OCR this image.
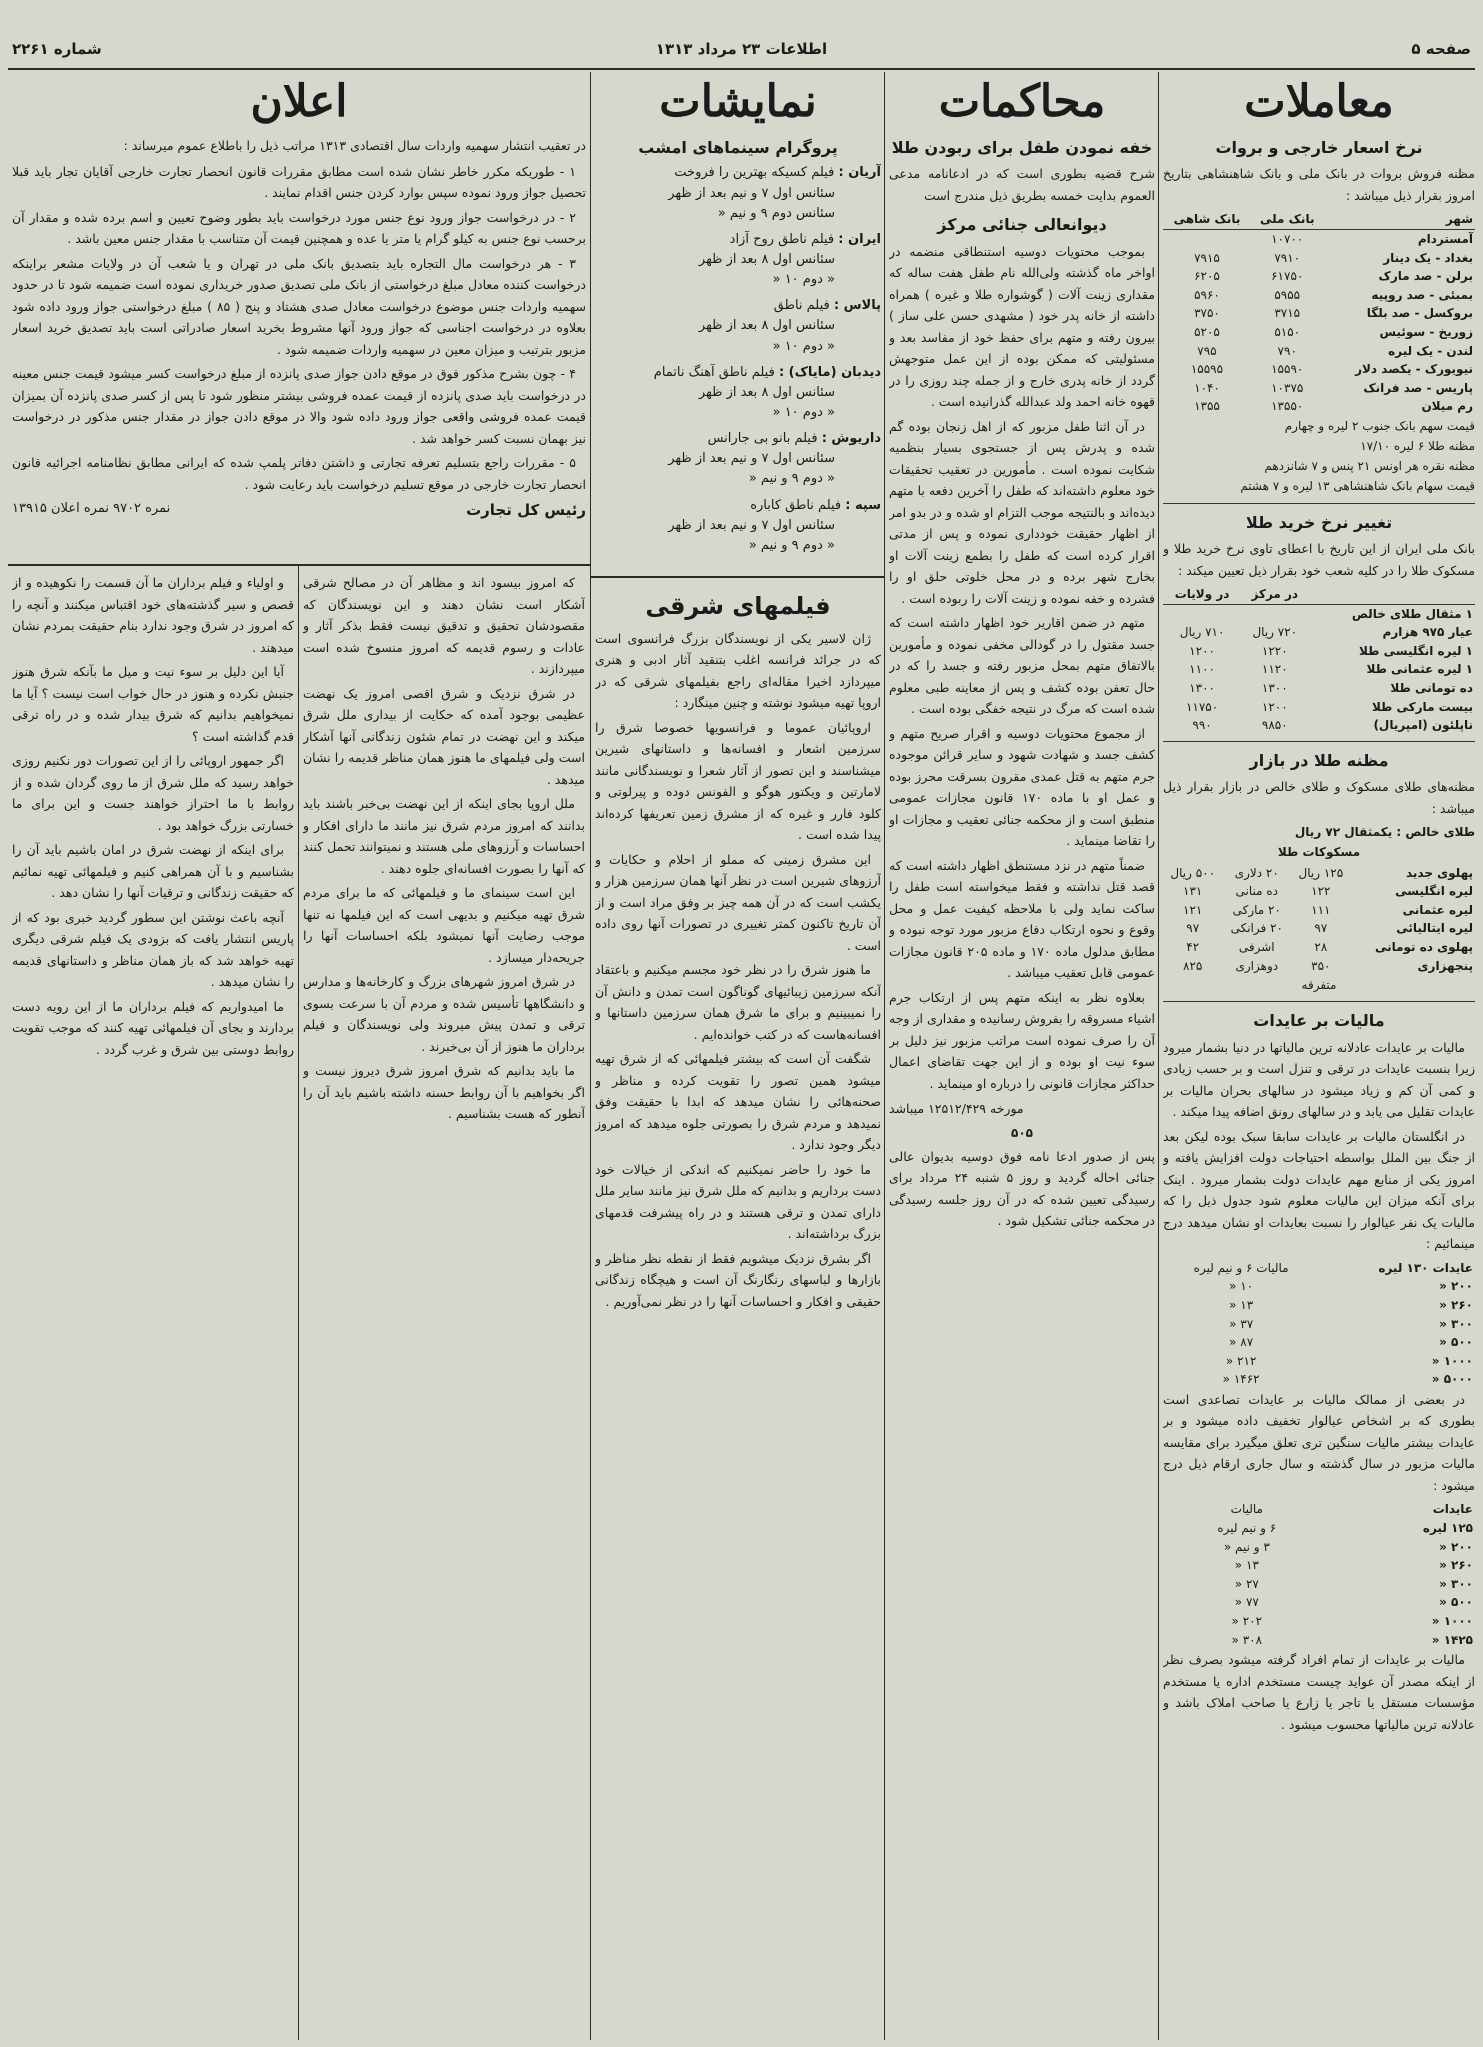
صفحه ۵
اطلاعات ۲۳ مرداد ۱۳۱۳
شماره ۲۲۶۱
معاملات
نرخ اسعار خارجی و بروات
مظنه فروش بروات در بانک ملی و بانک شاهنشاهی بتاریخ امروز بقرار ذیل میباشد :
شهر	بانک ملی	بانک شاهی
آمستردام	۱۰۷۰۰	
بغداد - یک دینار	۷۹۱۰	۷۹۱۵
برلن - صد مارک	۶۱۷۵۰	۶۲۰۵
بمبئی - صد روپیه	۵۹۵۵	۵۹۶۰
بروکسل - صد بلگا	۳۷۱۵	۳۷۵۰
زوریخ - سوئیس	۵۱۵۰	۵۲۰۵
لندن - یک لیره	۷۹۰	۷۹۵
نیویورک - یکصد دلار	۱۵۵۹۰	۱۵۵۹۵
پاریس - صد فرانک	۱۰۳۷۵	۱۰۴۰
رم میلان	۱۳۵۵۰	۱۳۵۵
قیمت سهم بانک جنوب ۲ لیره و چهارم
مظنه طلا ۶ لیره ۱۷/۱۰
مظنه نقره هر اونس ۲۱ پنس و ۷ شانزدهم
قیمت سهام بانک شاهنشاهی ۱۳ لیره و ۷ هشتم
تغییر نرخ خرید طلا
بانک ملی ایران از این تاریخ با اعطای تاوی نرخ خرید طلا و مسکوک طلا را در کلیه شعب خود بقرار ذیل تعیین میکند :
	در مرکز	در ولایات
۱ مثقال طلای خالص		
عیار ۹۷۵ هزارم	۷۲۰ ریال	۷۱۰ ریال
۱ لیره انگلیسی طلا	۱۲۲۰	۱۲۰۰
۱ لیره عثمانی طلا	۱۱۲۰	۱۱۰۰
ده تومانی طلا	۱۳۰۰	۱۳۰۰
بیست مارکی طلا	۱۲۰۰	۱۱۷۵۰
ناپلئون (امپریال)	۹۸۵۰	۹۹۰
مظنه طلا در بازار
مظنه‌های طلای مسکوک و طلای خالص در بازار بقرار ذیل میباشد :
طلای خالص : یکمثقال ۷۲ ریال
مسکوکات طلا
پهلوی جدید	۱۲۵ ریال	۲۰ دلاری	۵۰۰ ریال
لیره انگلیسی	۱۲۲	ده منانی	۱۳۱
لیره عثمانی	۱۱۱	۲۰ مارکی	۱۲۱
لیره ایتالیائی	۹۷	۲۰ فرانکی	۹۷
پهلوی ده تومانی	۲۸	اشرفی	۴۲
پنجهزاری	۳۵۰	دوهزاری	۸۲۵
متفرقه
مالیات بر عایدات

مالیات بر عایدات عادلانه ترین مالیاتها در دنیا بشمار میرود زیرا بنسبت عایدات در ترقی و تنزل است و بر حسب زیادی و کمی آن کم و زیاد میشود در سالهای بحران مالیات بر عایدات تقلیل می یابد و در سالهای رونق اضافه پیدا میکند .

در انگلستان مالیات بر عایدات سابقا سبک بوده لیکن بعد از جنگ بین الملل بواسطه احتیاجات دولت افزایش یافته و امروز یکی از منابع مهم عایدات دولت بشمار میرود . اینک برای آنکه میزان این مالیات معلوم شود جدول ذیل را که مالیات یک نفر عیالوار را نسبت بعایدات او نشان میدهد درج مینمائیم :

عایدات ۱۳۰ لیره	مالیات ۶ و نیم لیره
۲۰۰ «	۱۰ «
۲۶۰ «	۱۳ «
۳۰۰ «	۳۷ «
۵۰۰ «	۸۷ «
۱۰۰۰ «	۲۱۲ «
۵۰۰۰ «	۱۴۶۲ «

در بعضی از ممالک مالیات بر عایدات تصاعدی است بطوری که بر اشخاص عیالوار تخفیف داده میشود و بر عایدات بیشتر مالیات سنگین تری تعلق میگیرد برای مقایسه مالیات مزبور در سال گذشته و سال جاری ارقام ذیل درج میشود :

عایدات	مالیات
۱۲۵ لیره	۶ و نیم لیره
۲۰۰ «	۳ و نیم «
۲۶۰ «	۱۳ «
۳۰۰ «	۲۷ «
۵۰۰ «	۷۷ «
۱۰۰۰ «	۲۰۲ «
۱۴۲۵ «	۳۰۸ «

مالیات بر عایدات از تمام افراد گرفته میشود بصرف نظر از اینکه مصدر آن عواید چیست مستخدم اداره یا مستخدم مؤسسات مستقل یا تاجر یا زارع یا صاحب املاک باشد و عادلانه ترین مالیاتها محسوب میشود .

محاکمات
خفه نمودن طفل برای ربودن طلا
شرح قضیه بطوری است که در ادعانامه مدعی العموم بدایت خمسه بطریق ذیل مندرج است
دیوانعالی جنائی مرکز

بموجب محتویات دوسیه استنطاقی منضمه در اواخر ماه گذشته ولی‌الله نام طفل هفت ساله که مقداری زینت آلات ( گوشواره طلا و غیره ) همراه داشته از خانه پدر خود ( مشهدی حسن علی ساز ) بیرون رفته و متهم برای حفظ خود از مفاسد بعد و مسئولیتی که ممکن بوده از این عمل متوجهش گردد از خانه پدری خارج و از جمله چند روزی را در قهوه خانه احمد ولد عبدالله گذرانیده است .

در آن اثنا طفل مزبور که از اهل زنجان بوده گم شده و پدرش پس از جستجوی بسیار بنظمیه شکایت نموده است . مأمورین در تعقیب تحقیقات خود معلوم داشته‌اند که طفل را آخرین دفعه با متهم دیده‌اند و بالنتیجه موجب التزام او شده و در بدو امر از اظهار حقیقت خودداری نموده و پس از مدتی اقرار کرده است که طفل را بطمع زینت آلات او بخارج شهر برده و در محل خلوتی حلق او را فشرده و خفه نموده و زینت آلات را ربوده است .

متهم در ضمن اقاریر خود اظهار داشته است که جسد مقتول را در گودالی مخفی نموده و مأمورین بالاتفاق متهم بمحل مزبور رفته و جسد را که در حال تعفن بوده کشف و پس از معاینه طبی معلوم شده است که مرگ در نتیجه خفگی بوده است .

از مجموع محتویات دوسیه و اقرار صریح متهم و کشف جسد و شهادت شهود و سایر قرائن موجوده جرم متهم به قتل عمدی مقرون بسرقت محرز بوده و عمل او با ماده ۱۷۰ قانون مجازات عمومی منطبق است و از محکمه جنائی تعقیب و مجازات او را تقاضا مینماید .

ضمناً متهم در نزد مستنطق اظهار داشته است که قصد قتل نداشته و فقط میخواسته است طفل را ساکت نماید ولی با ملاحظه کیفیت عمل و محل وقوع و نحوه ارتکاب دفاع مزبور مورد توجه نبوده و مطابق مدلول ماده ۱۷۰ و ماده ۲۰۵ قانون مجازات عمومی قابل تعقیب میباشد .

بعلاوه نظر به اینکه متهم پس از ارتکاب جرم اشیاء مسروقه را بفروش رسانیده و مقداری از وجه آن را صرف نموده است مراتب مزبور نیز دلیل بر سوء نیت او بوده و از این جهت تقاضای اعمال حداکثر مجازات قانونی را درباره او مینماید .

مورخه ۱۲۵۱۲/۴۲۹ میباشد
۵۰۵
پس از صدور ادعا نامه فوق دوسیه بدیوان عالی جنائی احاله گردید و روز ۵ شنبه ۲۴ مرداد برای رسیدگی تعیین شده که در آن روز جلسه رسیدگی در محکمه جنائی تشکیل شود .
نمایشات
پروگرام سینماهای امشب
آریان : فیلم کسیکه بهترین را فروخت
سئانس اول ۷ و نیم بعد از ظهر
سئانس دوم ۹ و نیم «
ایران : فیلم ناطق روح آزاد
سئانس اول ۸ بعد از ظهر
« دوم ۱۰ «
پالاس : فیلم ناطق
سئانس اول ۸ بعد از ظهر
« دوم ۱۰ «
دیدبان (مایاک) : فیلم ناطق آهنگ ناتمام
سئانس اول ۸ بعد از ظهر
« دوم ۱۰ «
داریوش : فیلم بانو بی جارانس
سئانس اول ۷ و نیم بعد از ظهر
« دوم ۹ و نیم «
سپه : فیلم ناطق کاباره
سئانس اول ۷ و نیم بعد از ظهر
« دوم ۹ و نیم «
فیلمهای شرقی

ژان لاسیر یکی از نویسندگان بزرگ فرانسوی است که در جرائد فرانسه اغلب بتنقید آثار ادبی و هنری میپردازد اخیرا مقاله‌ای راجع بفیلمهای شرقی که در اروپا تهیه میشود نوشته و چنین مینگارد :

اروپائیان عموما و فرانسویها خصوصا شرق را سرزمین اشعار و افسانه‌ها و داستانهای شیرین میشناسند و این تصور از آثار شعرا و نویسندگانی مانند لامارتین و ویکتور هوگو و الفونس دوده و پیرلوتی و کلود فارر و غیره که از مشرق زمین تعریفها کرده‌اند پیدا شده است .

این مشرق زمینی که مملو از احلام و حکایات و آرزوهای شیرین است در نظر آنها همان سرزمین هزار و یکشب است که در آن همه چیز بر وفق مراد است و از آن تاریخ تاکنون کمتر تغییری در تصورات آنها روی داده است .

ما هنوز شرق را در نظر خود مجسم میکنیم و باعتقاد آنکه سرزمین زیبائیهای گوناگون است تمدن و دانش آن را نمیبینیم و برای ما شرق همان سرزمین داستانها و افسانه‌هاست که در کتب خوانده‌ایم .

شگفت آن است که بیشتر فیلمهائی که از شرق تهیه میشود همین تصور را تقویت کرده و مناظر و صحنه‌هائی را نشان میدهد که ابدا با حقیقت وفق نمیدهد و مردم شرق را بصورتی جلوه میدهد که امروز دیگر وجود ندارد .

ما خود را حاضر نمیکنیم که اندکی از خیالات خود دست برداریم و بدانیم که ملل شرق نیز مانند سایر ملل دارای تمدن و ترقی هستند و در راه پیشرفت قدمهای بزرگ برداشته‌اند .

اگر بشرق نزدیک میشویم فقط از نقطه نظر مناظر و بازارها و لباسهای رنگارنگ آن است و هیچگاه زندگانی حقیقی و افکار و احساسات آنها را در نظر نمی‌آوریم .

اعلان
در تعقیب انتشار سهمیه واردات سال اقتصادی ۱۳۱۳ مراتب ذیل را باطلاع عموم میرساند :

۱ - طوریکه مکرر خاطر نشان شده است مطابق مقررات قانون انحصار تجارت خارجی آقایان تجار باید قبلا تحصیل جواز ورود نموده سپس بوارد کردن جنس اقدام نمایند .

۲ - در درخواست جواز ورود نوع جنس مورد درخواست باید بطور وضوح تعیین و اسم برده شده و مقدار آن برحسب نوع جنس به کیلو گرام یا متر یا عده و همچنین قیمت آن متناسب با مقدار جنس معین باشد .

۳ - هر درخواست مال التجاره باید بتصدیق بانک ملی در تهران و یا شعب آن در ولایات مشعر براینکه درخواست کننده معادل مبلغ درخواستی از بانک ملی تصدیق صدور خریداری نموده است ضمیمه شود تا در حدود سهمیه واردات جنس موضوع درخواست معادل صدی هشتاد و پنج ( ۸۵ ) مبلغ درخواستی جواز ورود داده شود بعلاوه در درخواست اجناسی که جواز ورود آنها مشروط بخرید اسعار صادراتی است باید تصدیق خرید اسعار مزبور بترتیب و میزان معین در سهمیه واردات ضمیمه شود .

۴ - چون بشرح مذکور فوق در موقع دادن جواز صدی پانزده از مبلغ درخواست کسر میشود قیمت جنس معینه در درخواست باید صدی پانزده از قیمت عمده فروشی بیشتر منظور شود تا پس از کسر صدی پانزده آن بمیزان قیمت عمده فروشی واقعی جواز ورود داده شود والا در موقع دادن جواز در مقدار جنس مذکور در درخواست نیز بهمان نسبت کسر خواهد شد .

۵ - مقررات راجع بتسلیم تعرفه تجارتی و داشتن دفاتر پلمپ شده که ایرانی مطابق نظامنامه اجرائیه قانون انحصار تجارت خارجی در موقع تسلیم درخواست باید رعایت شود .

رئیس کل تجارت
نمره ۹۷۰۲ نمره اعلان ۱۳۹۱۵

که امروز بیسود اند و مظاهر آن در مصالح شرقی آشکار است نشان دهند و این نویسندگان که مقصودشان تحقیق و تدقیق نیست فقط بذکر آثار و عادات و رسوم قدیمه که امروز منسوخ شده است میپردازند .

در شرق نزدیک و شرق اقصی امروز یک نهضت عظیمی بوجود آمده که حکایت از بیداری ملل شرق میکند و این نهضت در تمام شئون زندگانی آنها آشکار است ولی فیلمهای ما هنوز همان مناظر قدیمه را نشان میدهد .

ملل اروپا بجای اینکه از این نهضت بی‌خبر باشند باید بدانند که امروز مردم شرق نیز مانند ما دارای افکار و احساسات و آرزوهای ملی هستند و نمیتوانند تحمل کنند که آنها را بصورت افسانه‌ای جلوه دهند .

این است سینمای ما و فیلمهائی که ما برای مردم شرق تهیه میکنیم و بدیهی است که این فیلمها نه تنها موجب رضایت آنها نمیشود بلکه احساسات آنها را جریحه‌دار میسازد .

در شرق امروز شهرهای بزرگ و کارخانه‌ها و مدارس و دانشگاهها تأسیس شده و مردم آن با سرعت بسوی ترقی و تمدن پیش میروند ولی نویسندگان و فیلم برداران ما هنوز از آن بی‌خبرند .

ما باید بدانیم که شرق امروز شرق دیروز نیست و اگر بخواهیم با آن روابط حسنه داشته باشیم باید آن را آنطور که هست بشناسیم .

و اولیاء و فیلم برداران ما آن قسمت را نکوهیده و از قصص و سیر گذشته‌های خود اقتباس میکنند و آنچه را که امروز در شرق وجود ندارد بنام حقیقت بمردم نشان میدهند .

آیا این دلیل بر سوء نیت و میل ما بآنکه شرق هنوز جنبش نکرده و هنوز در حال خواب است نیست ؟ آیا ما نمیخواهیم بدانیم که شرق بیدار شده و در راه ترقی قدم گذاشته است ؟

اگر جمهور اروپائی را از این تصورات دور نکنیم روزی خواهد رسید که ملل شرق از ما روی گردان شده و از روابط با ما احتراز خواهند جست و این برای ما خسارتی بزرگ خواهد بود .

برای اینکه از نهضت شرق در امان باشیم باید آن را بشناسیم و با آن همراهی کنیم و فیلمهائی تهیه نمائیم که حقیقت زندگانی و ترقیات آنها را نشان دهد .

آنچه باعث نوشتن این سطور گردید خبری بود که از پاریس انتشار یافت که بزودی یک فیلم شرقی دیگری تهیه خواهد شد که باز همان مناظر و داستانهای قدیمه را نشان میدهد .

ما امیدواریم که فیلم برداران ما از این رویه دست بردارند و بجای آن فیلمهائی تهیه کنند که موجب تقویت روابط دوستی بین شرق و غرب گردد .
